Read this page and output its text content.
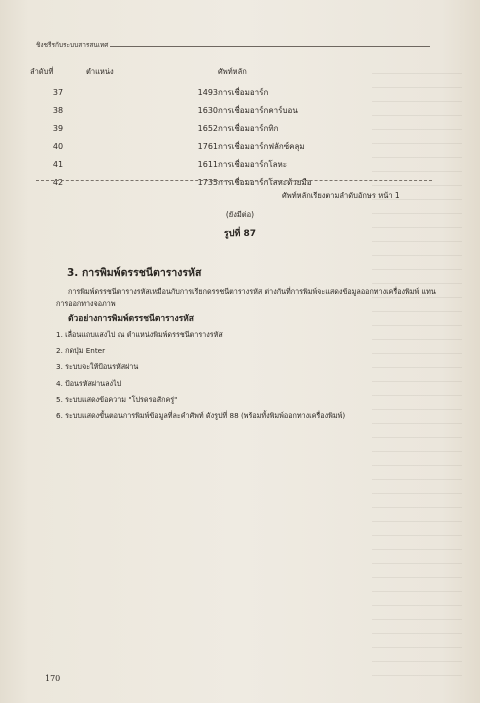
ชิงชรีรกับระบบสารสนเทศ
ลำดับที่	ตำแหน่ง	ศัพท์หลัก
37	1493	การเชื่อมอาร์ก
38	1630	การเชื่อมอาร์กคาร์บอน
39	1652	การเชื่อมอาร์กทิก
40	1761	การเชื่อมอาร์กฟลักซ์คลุม
41	1611	การเชื่อมอาร์กโลหะ
42	1735	การเชื่อมอาร์กโลหะด้วยมือ
ศัพท์หลักเรียงตามลำดับอักษร หน้า 1
(ยังมีต่อ)
รูปที่ 87
3. การพิมพ์ดรรชนีตารางรหัส
การพิมพ์ดรรชนีตารางรหัสเหมือนกับการเรียกดรรชนีตารางรหัส ต่างกันที่การพิมพ์จะแสดงข้อมูลออกทางเครื่องพิมพ์ แทนการออกทางจอภาพ
ตัวอย่างการพิมพ์ดรรชนีตารางรหัส
1. เลื่อนแถบแสงไป ณ ตำแหน่งพิมพ์ดรรชนีตารางรหัส
2. กดปุ่ม Enter
3. ระบบจะให้ป้อนรหัสผ่าน
4. ป้อนรหัสผ่านลงไป
5. ระบบแสดงข้อความ "โปรดรอสักครู่"
6. ระบบแสดงขั้นตอนการพิมพ์ข้อมูลที่ละคำศัพท์ ดังรูปที่ 88 (พร้อมทั้งพิมพ์ออกทางเครื่องพิมพ์)
170
